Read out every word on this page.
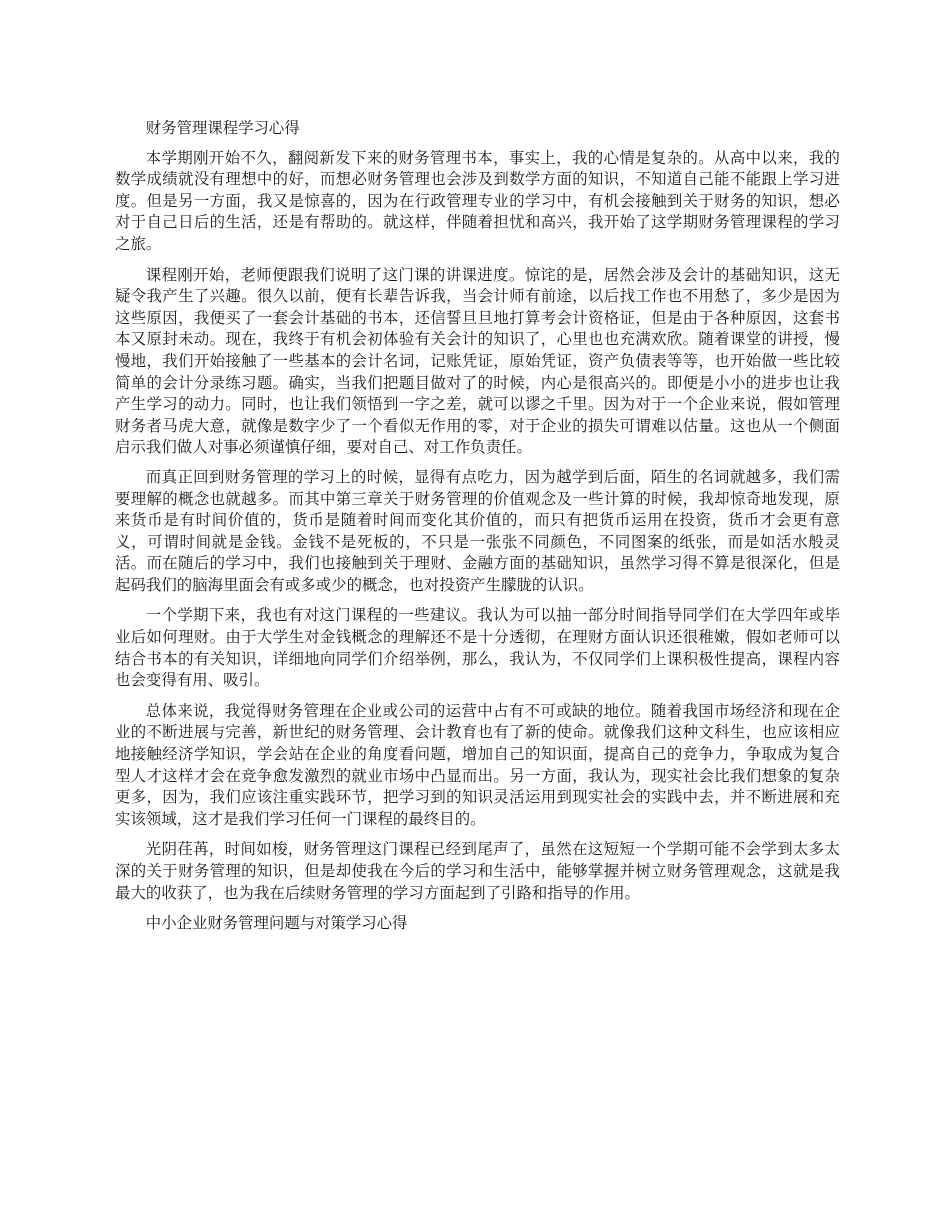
财务管理课程学习心得

本学期刚开始不久，翻阅新发下来的财务管理书本，事实上，我的心情是复杂的。从高中以来，我的数学成绩就没有理想中的好，而想必财务管理也会涉及到数学方面的知识，不知道自己能不能跟上学习进度。但是另一方面，我又是惊喜的，因为在行政管理专业的学习中，有机会接触到关于财务的知识，想必对于自己日后的生活，还是有帮助的。就这样，伴随着担忧和高兴，我开始了这学期财务管理课程的学习之旅。

课程刚开始，老师便跟我们说明了这门课的讲课进度。惊诧的是，居然会涉及会计的基础知识，这无疑令我产生了兴趣。很久以前，便有长辈告诉我，当会计师有前途，以后找工作也不用愁了，多少是因为这些原因，我便买了一套会计基础的书本，还信誓旦旦地打算考会计资格证，但是由于各种原因，这套书本又原封未动。现在，我终于有机会初体验有关会计的知识了，心里也也充满欢欣。随着课堂的讲授，慢慢地，我们开始接触了一些基本的会计名词，记账凭证，原始凭证，资产负债表等等，也开始做一些比较简单的会计分录练习题。确实，当我们把题目做对了的时候，内心是很高兴的。即便是小小的进步也让我产生学习的动力。同时，也让我们领悟到一字之差，就可以谬之千里。因为对于一个企业来说，假如管理财务者马虎大意，就像是数字少了一个看似无作用的零，对于企业的损失可谓难以估量。这也从一个侧面启示我们做人对事必须谨慎仔细，要对自己、对工作负责任。

而真正回到财务管理的学习上的时候，显得有点吃力，因为越学到后面，陌生的名词就越多，我们需要理解的概念也就越多。而其中第三章关于财务管理的价值观念及一些计算的时候，我却惊奇地发现，原来货币是有时间价值的，货币是随着时间而变化其价值的，而只有把货币运用在投资，货币才会更有意义，可谓时间就是金钱。金钱不是死板的，不只是一张张不同颜色，不同图案的纸张，而是如活水般灵活。而在随后的学习中，我们也接触到关于理财、金融方面的基础知识，虽然学习得不算是很深化，但是起码我们的脑海里面会有或多或少的概念，也对投资产生朦胧的认识。

一个学期下来，我也有对这门课程的一些建议。我认为可以抽一部分时间指导同学们在大学四年或毕业后如何理财。由于大学生对金钱概念的理解还不是十分透彻，在理财方面认识还很稚嫩，假如老师可以结合书本的有关知识，详细地向同学们介绍举例，那么，我认为，不仅同学们上课积极性提高，课程内容也会变得有用、吸引。

总体来说，我觉得财务管理在企业或公司的运营中占有不可或缺的地位。随着我国市场经济和现在企业的不断进展与完善，新世纪的财务管理、会计教育也有了新的使命。就像我们这种文科生，也应该相应地接触经济学知识，学会站在企业的角度看问题，增加自己的知识面，提高自己的竞争力，争取成为复合型人才这样才会在竞争愈发激烈的就业市场中凸显而出。另一方面，我认为，现实社会比我们想象的复杂更多，因为，我们应该注重实践环节，把学习到的知识灵活运用到现实社会的实践中去，并不断进展和充实该领域，这才是我们学习任何一门课程的最终目的。

光阴荏苒，时间如梭，财务管理这门课程已经到尾声了，虽然在这短短一个学期可能不会学到太多太深的关于财务管理的知识，但是却使我在今后的学习和生活中，能够掌握并树立财务管理观念，这就是我最大的收获了，也为我在后续财务管理的学习方面起到了引路和指导的作用。

中小企业财务管理问题与对策学习心得
